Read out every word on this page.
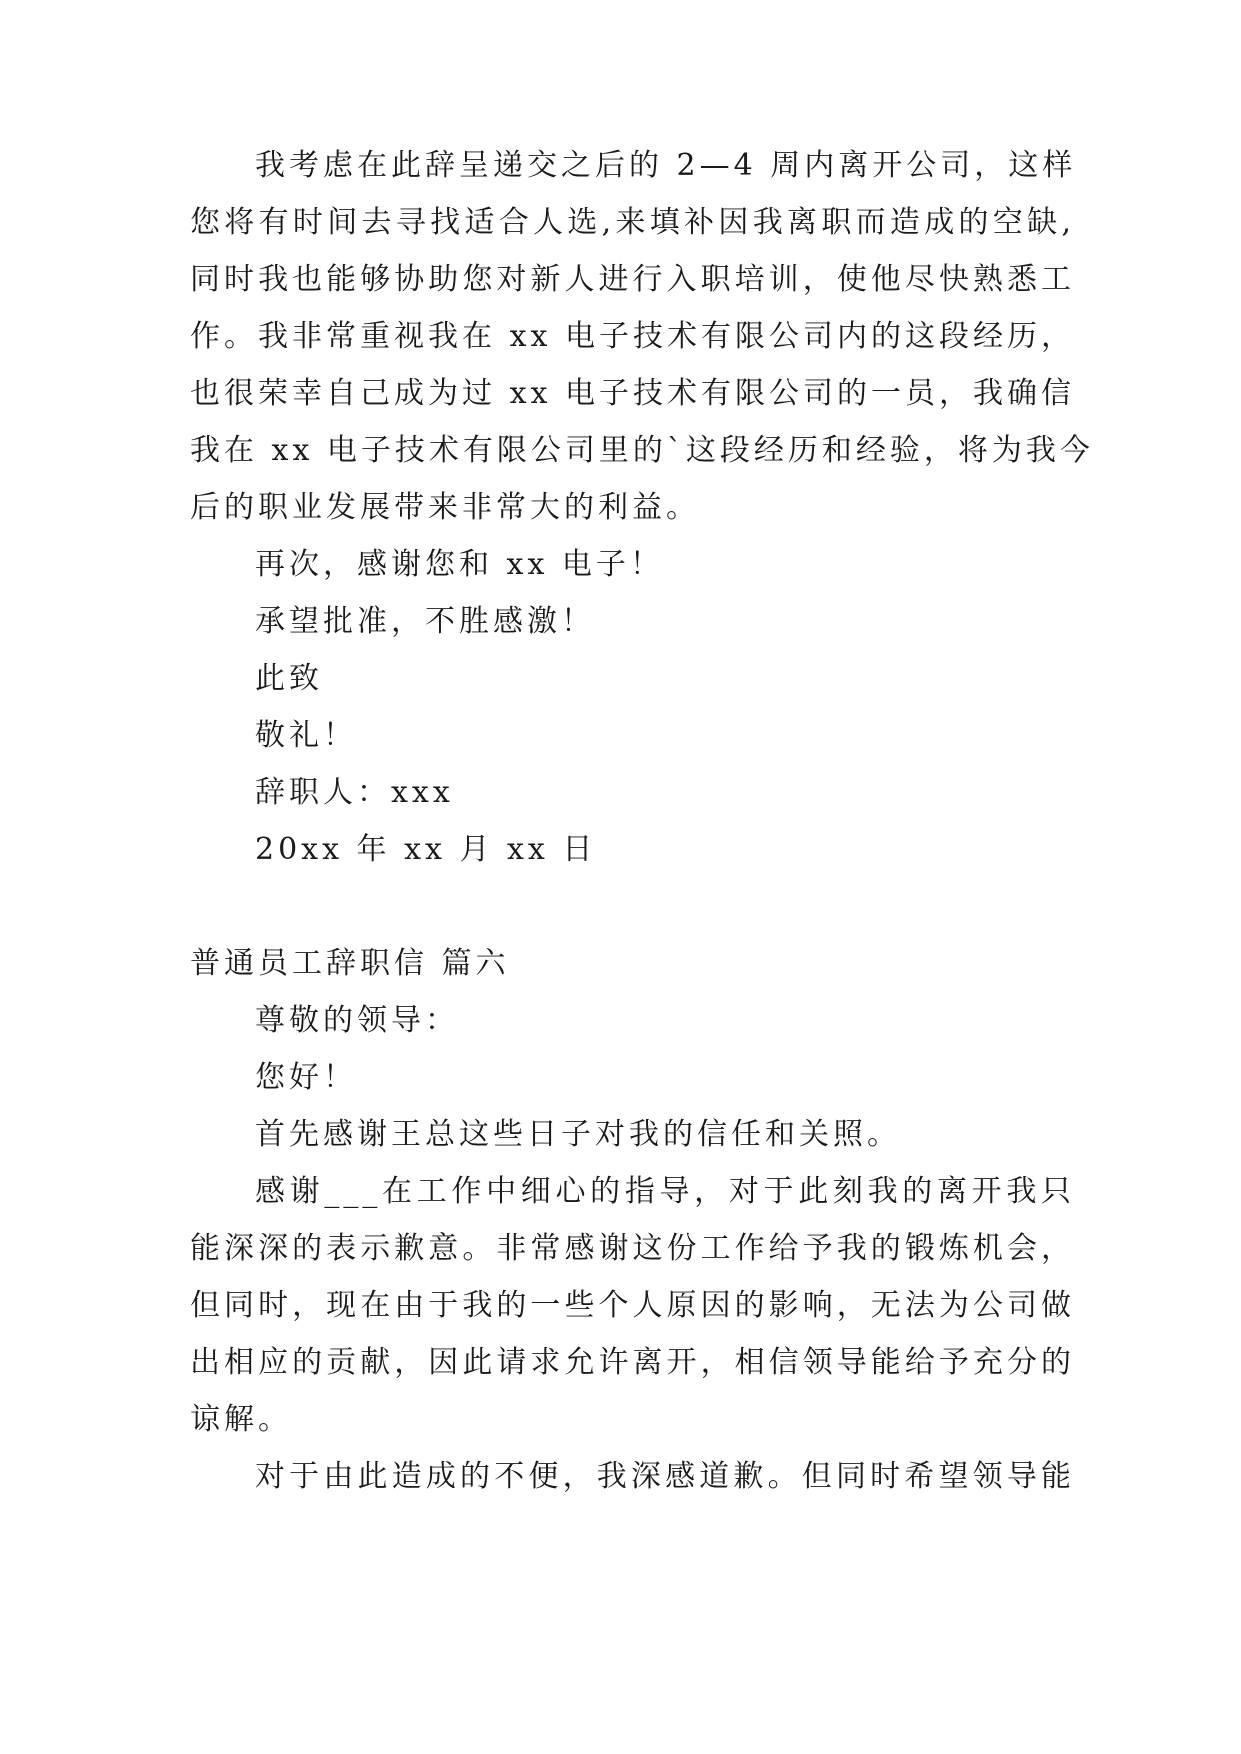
我考虑在此辞呈递交之后的 2—4 周内离开公司，这样
您将有时间去寻找适合人选,来填补因我离职而造成的空缺,
同时我也能够协助您对新人进行入职培训，使他尽快熟悉工
作。我非常重视我在 xx 电子技术有限公司内的这段经历，
也很荣幸自己成为过 xx 电子技术有限公司的一员，我确信
我在 xx 电子技术有限公司里的`这段经历和经验，将为我今
后的职业发展带来非常大的利益。
再次，感谢您和 xx 电子！
承望批准，不胜感激！
此致
敬礼！
辞职人：xxx
20xx 年 xx 月 xx 日
普通员工辞职信 篇六
尊敬的领导：
您好！
首先感谢王总这些日子对我的信任和关照。
感谢___在工作中细心的指导，对于此刻我的离开我只
能深深的表示歉意。非常感谢这份工作给予我的锻炼机会，
但同时，现在由于我的一些个人原因的影响，无法为公司做
出相应的贡献，因此请求允许离开，相信领导能给予充分的
谅解。
对于由此造成的不便，我深感道歉。但同时希望领导能
